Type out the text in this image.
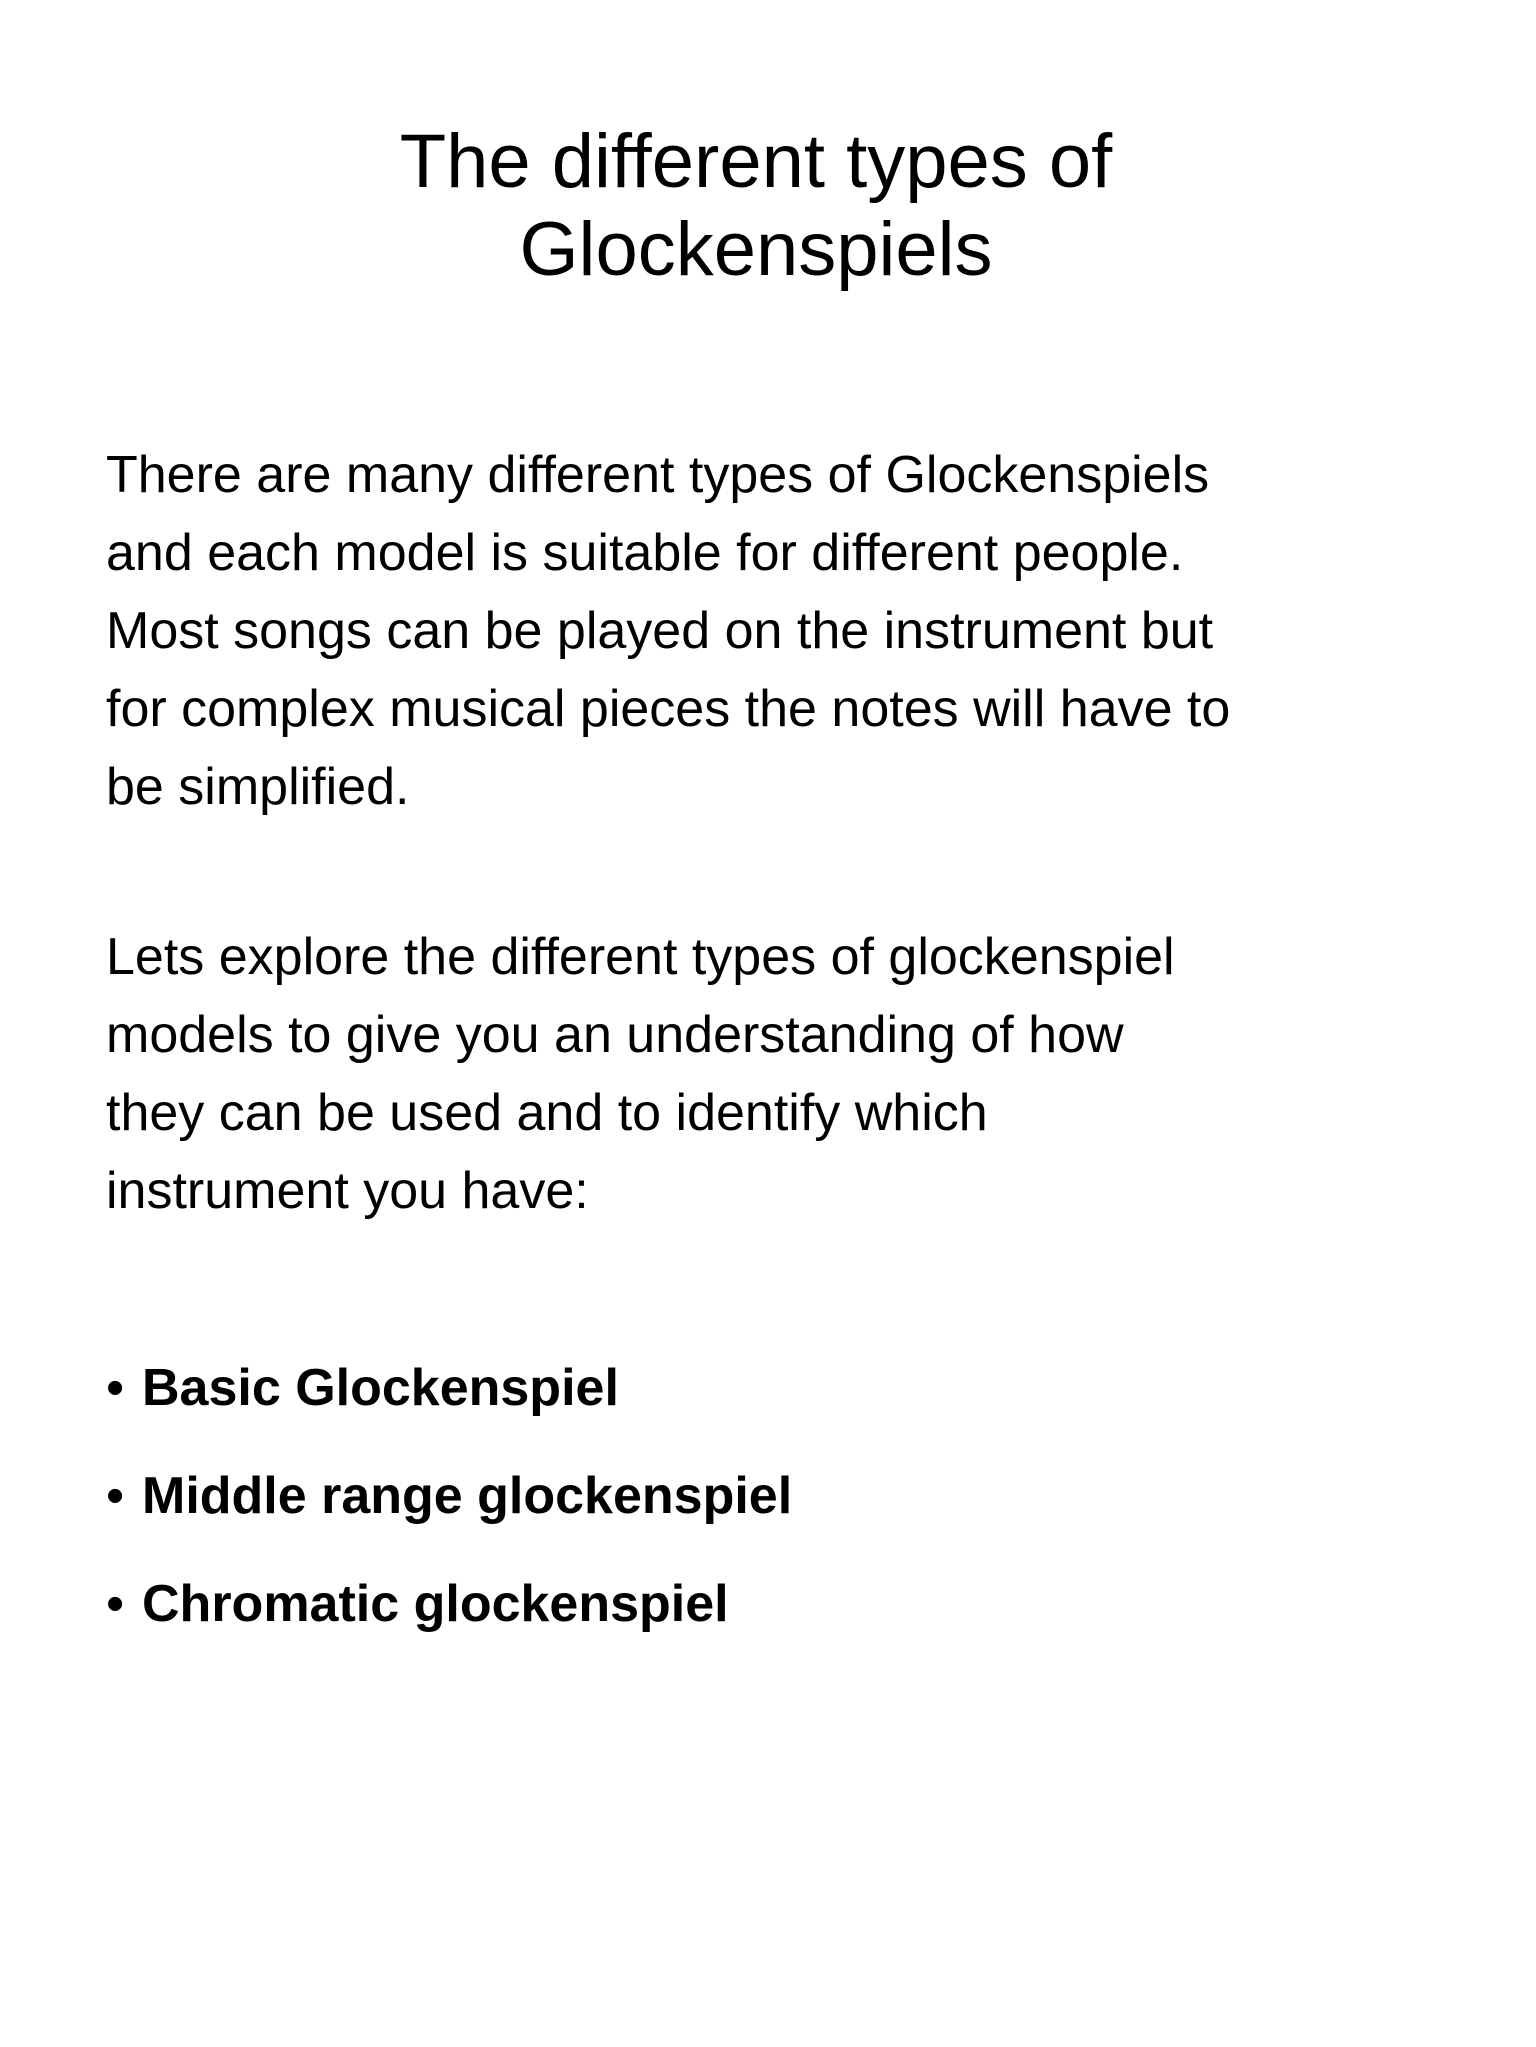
The different types of
Glockenspiels
There are many different types of Glockenspiels
and each model is suitable for different people.
Most songs can be played on the instrument but
for complex musical pieces the notes will have to
be simplified.
Lets explore the different types of glockenspiel
models to give you an understanding of how
they can be used and to identify which
instrument you have:
• Basic Glockenspiel
• Middle range glockenspiel
• Chromatic glockenspiel
